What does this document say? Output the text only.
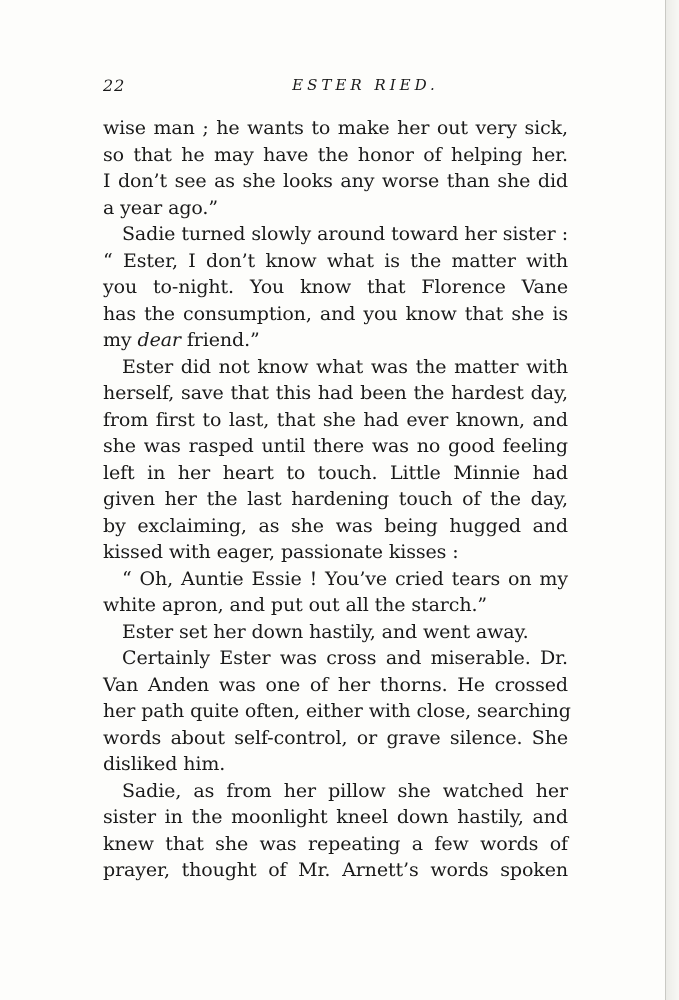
22	ESTER RIED.
wise man ; he wants to make her out very sick,
so that he may have the honor of helping her.
I don’t see as she looks any worse than she did
a year ago.”
Sadie turned slowly around toward her sister :
“ Ester, I don’t know what is the matter with
you to-night. You know that Florence Vane
has the consumption, and you know that she is
my dear friend.”
Ester did not know what was the matter with
herself, save that this had been the hardest day,
from first to last, that she had ever known, and
she was rasped until there was no good feeling
left in her heart to touch. Little Minnie had
given her the last hardening touch of the day,
by exclaiming, as she was being hugged and
kissed with eager, passionate kisses :
“ Oh, Auntie Essie ! You’ve cried tears on my
white apron, and put out all the starch.”
Ester set her down hastily, and went away.
Certainly Ester was cross and miserable. Dr.
Van Anden was one of her thorns. He crossed
her path quite often, either with close, searching
words about self-control, or grave silence. She
disliked him.
Sadie, as from her pillow she watched her
sister in the moonlight kneel down hastily, and
knew that she was repeating a few words of
prayer, thought of Mr. Arnett’s words spoken
